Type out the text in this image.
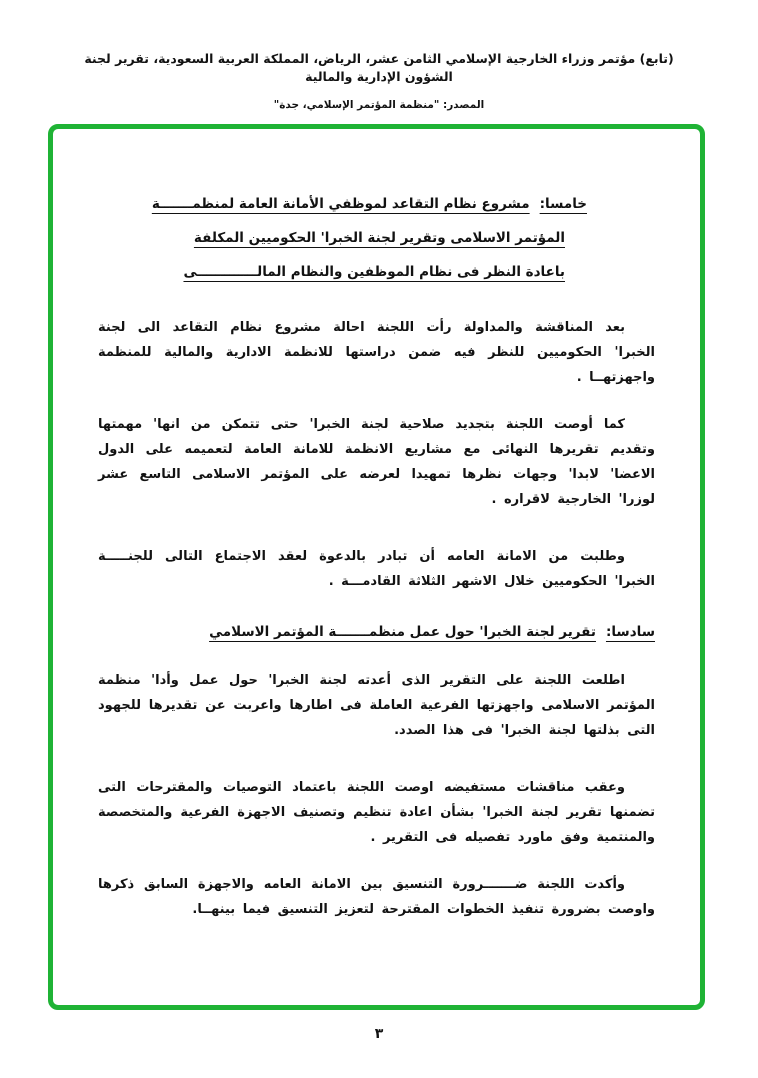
(تابع) مؤتمر وزراء الخارجية الإسلامي الثامن عشر، الرياض، المملكة العربية السعودية، تقرير لجنة الشؤون الإدارية والمالية
المصدر: "منظمة المؤتمر الإسلامي، جدة"
خامسا:مشروع نظام التقاعد لموظفي الأمانة العامة لمنظمـــــــة
المؤتمر الاسلامى وتقرير لجنة الخبرا' الحكوميين المكلفة
باعادة النظر فى نظام الموظفين والنظام المالـــــــــــــى

بعد المناقشة والمداولة رأت اللجنة احالة مشروع نظام التقاعد الى لجنة الخبرا' الحكوميين للنظر فيه ضمن دراستها للانظمة الادارية والمالية للمنظمة واجهزتهــا .

كما أوصت اللجنة بتجديد صلاحية لجنة الخبرا' حتى تتمكن من انها' مهمتها وتقديم تقريرها النهائى مع مشاريع الانظمة للامانة العامة لتعميمه على الدول الاعضا' لابدا' وجهات نظرها تمهيدا لعرضه على المؤتمر الاسلامى التاسع عشر لوزرا' الخارجية لاقراره .

وطلبت من الامانة العامه أن تبادر بالدعوة لعقد الاجتماع التالى للجنـــــة الخبرا' الحكوميين خلال الاشهر الثلاثة القادمـــة .

سادسا:تقرير لجنة الخبرا' حول عمل منظمـــــــة المؤتمر الاسلامي

اطلعت اللجنة على التقرير الذى أعدته لجنة الخبرا' حول عمل وأدا' منظمة المؤتمر الاسلامى واجهزتها الفرعية العاملة فى اطارها واعربت عن تقديرها للجهود التى بذلتها لجنة الخبرا' فى هذا الصدد.

وعقب مناقشات مستفيضه اوصت اللجنة باعتماد التوصيات والمقترحات التى تضمنها تقرير لجنة الخبرا' بشأن اعادة تنظيم وتصنيف الاجهزة الفرعية والمتخصصة والمنتمية وفق ماورد تفصيله فى التقرير .

وأكدت اللجنة ضـــــــرورة التنسيق بين الامانة العامه والاجهزة السابق ذكرها واوصت بضرورة تنفيذ الخطوات المقترحة لتعزيز التنسيق فيما بينهــا.

٣
